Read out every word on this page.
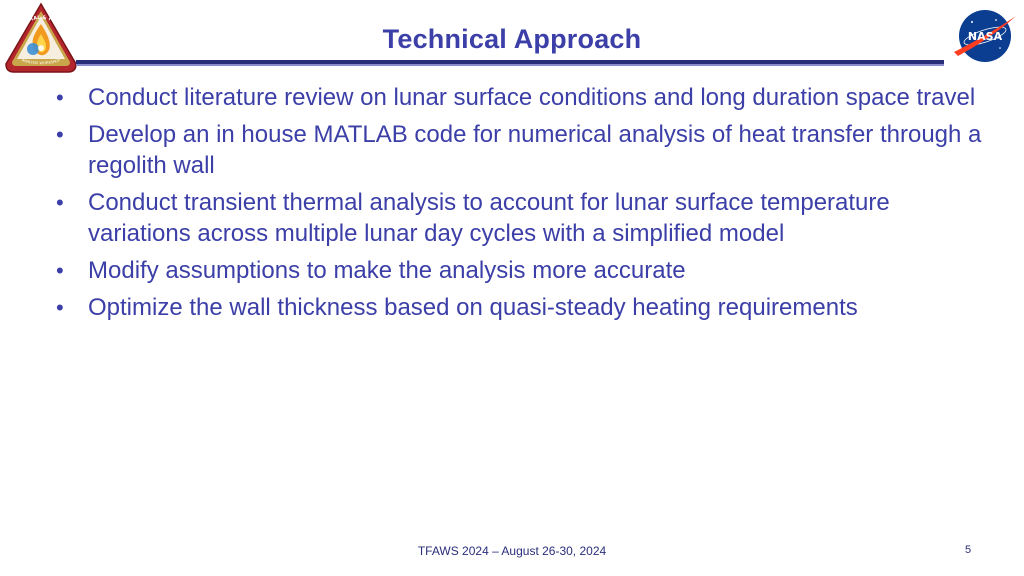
THERMAL & FLUIDS
ANALYSIS WORKSHOP
Technical Approach	NASA
•	Conduct literature review on lunar surface conditions and long duration space travel
•	Develop an in house MATLAB code for numerical analysis of heat transfer through a regolith wall
•	Conduct transient thermal analysis to account for lunar surface temperature variations across multiple lunar day cycles with a simplified model
•	Modify assumptions to make the analysis more accurate
•	Optimize the wall thickness based on quasi-steady heating requirements
TFAWS 2024 – August 26-30, 2024	5
